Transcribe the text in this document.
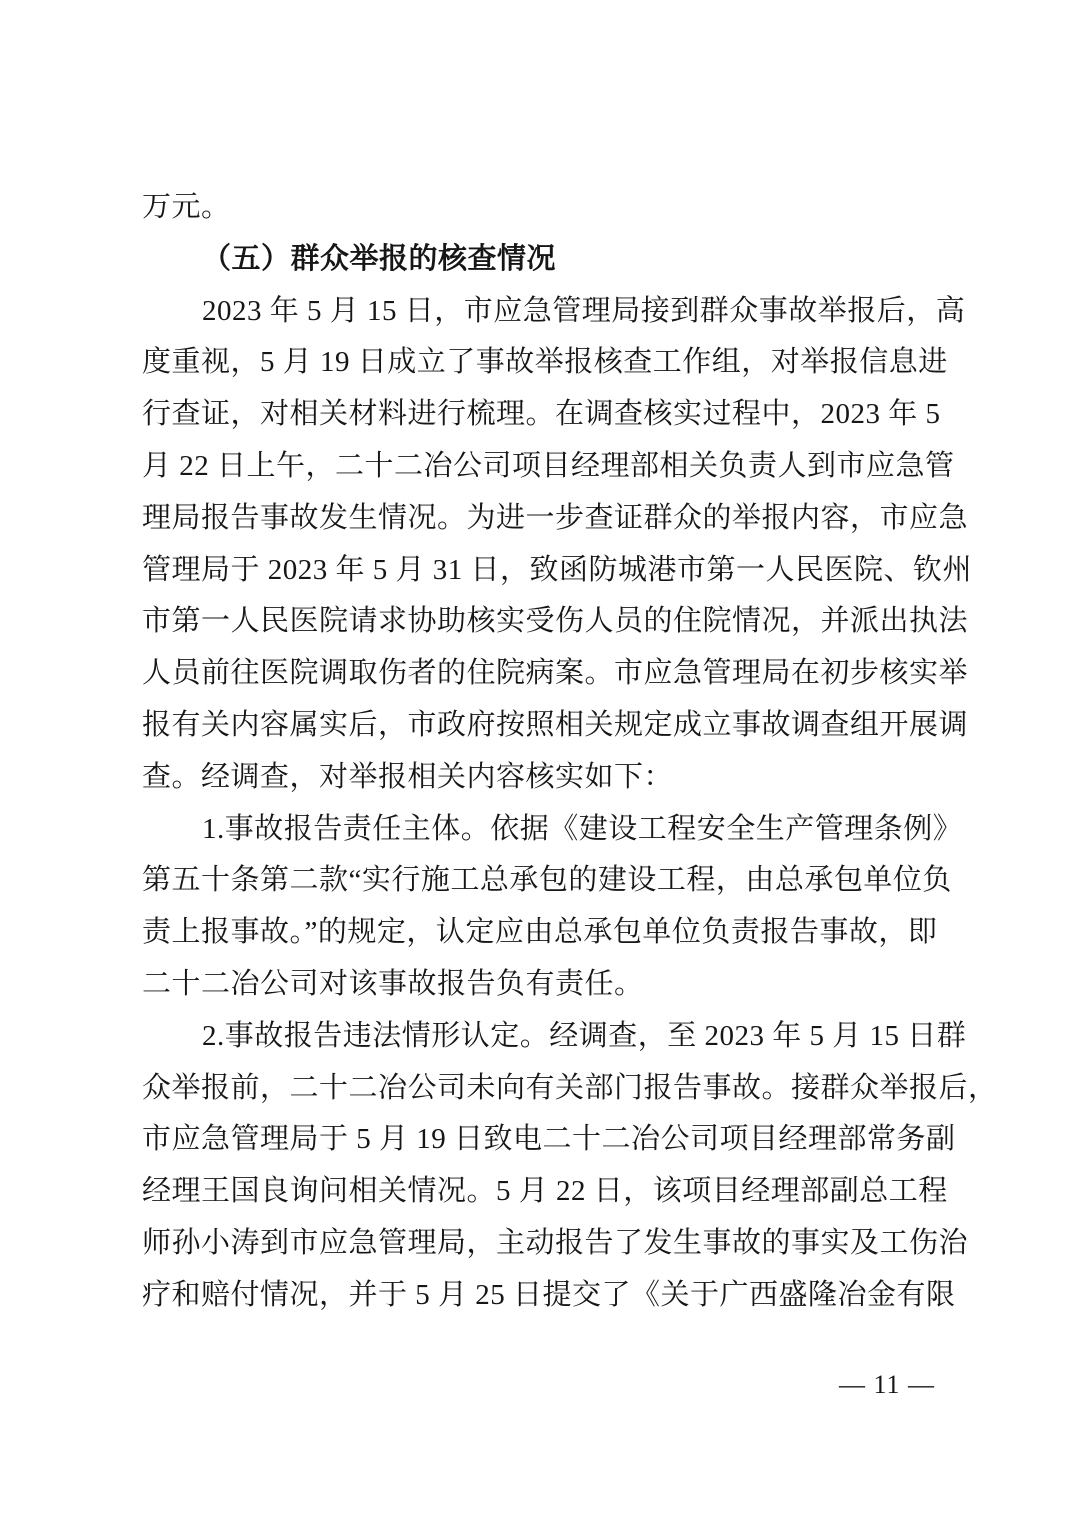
万元。
（五）群众举报的核查情况
2023 年 5 月 15 日，市应急管理局接到群众事故举报后，高
度重视，5 月 19 日成立了事故举报核查工作组，对举报信息进
行查证，对相关材料进行梳理。在调查核实过程中，2023 年 5
月 22 日上午，二十二冶公司项目经理部相关负责人到市应急管
理局报告事故发生情况。为进一步查证群众的举报内容，市应急
管理局于 2023 年 5 月 31 日，致函防城港市第一人民医院、钦州
市第一人民医院请求协助核实受伤人员的住院情况，并派出执法
人员前往医院调取伤者的住院病案。市应急管理局在初步核实举
报有关内容属实后，市政府按照相关规定成立事故调查组开展调
查。经调查，对举报相关内容核实如下：
1.事故报告责任主体。依据《建设工程安全生产管理条例》
第五十条第二款“实行施工总承包的建设工程，由总承包单位负
责上报事故。”的规定，认定应由总承包单位负责报告事故，即
二十二冶公司对该事故报告负有责任。
2.事故报告违法情形认定。经调查，至 2023 年 5 月 15 日群
众举报前，二十二冶公司未向有关部门报告事故。接群众举报后，
市应急管理局于 5 月 19 日致电二十二冶公司项目经理部常务副
经理王国良询问相关情况。5 月 22 日，该项目经理部副总工程
师孙小涛到市应急管理局，主动报告了发生事故的事实及工伤治
疗和赔付情况，并于 5 月 25 日提交了《关于广西盛隆冶金有限
— 11 —
